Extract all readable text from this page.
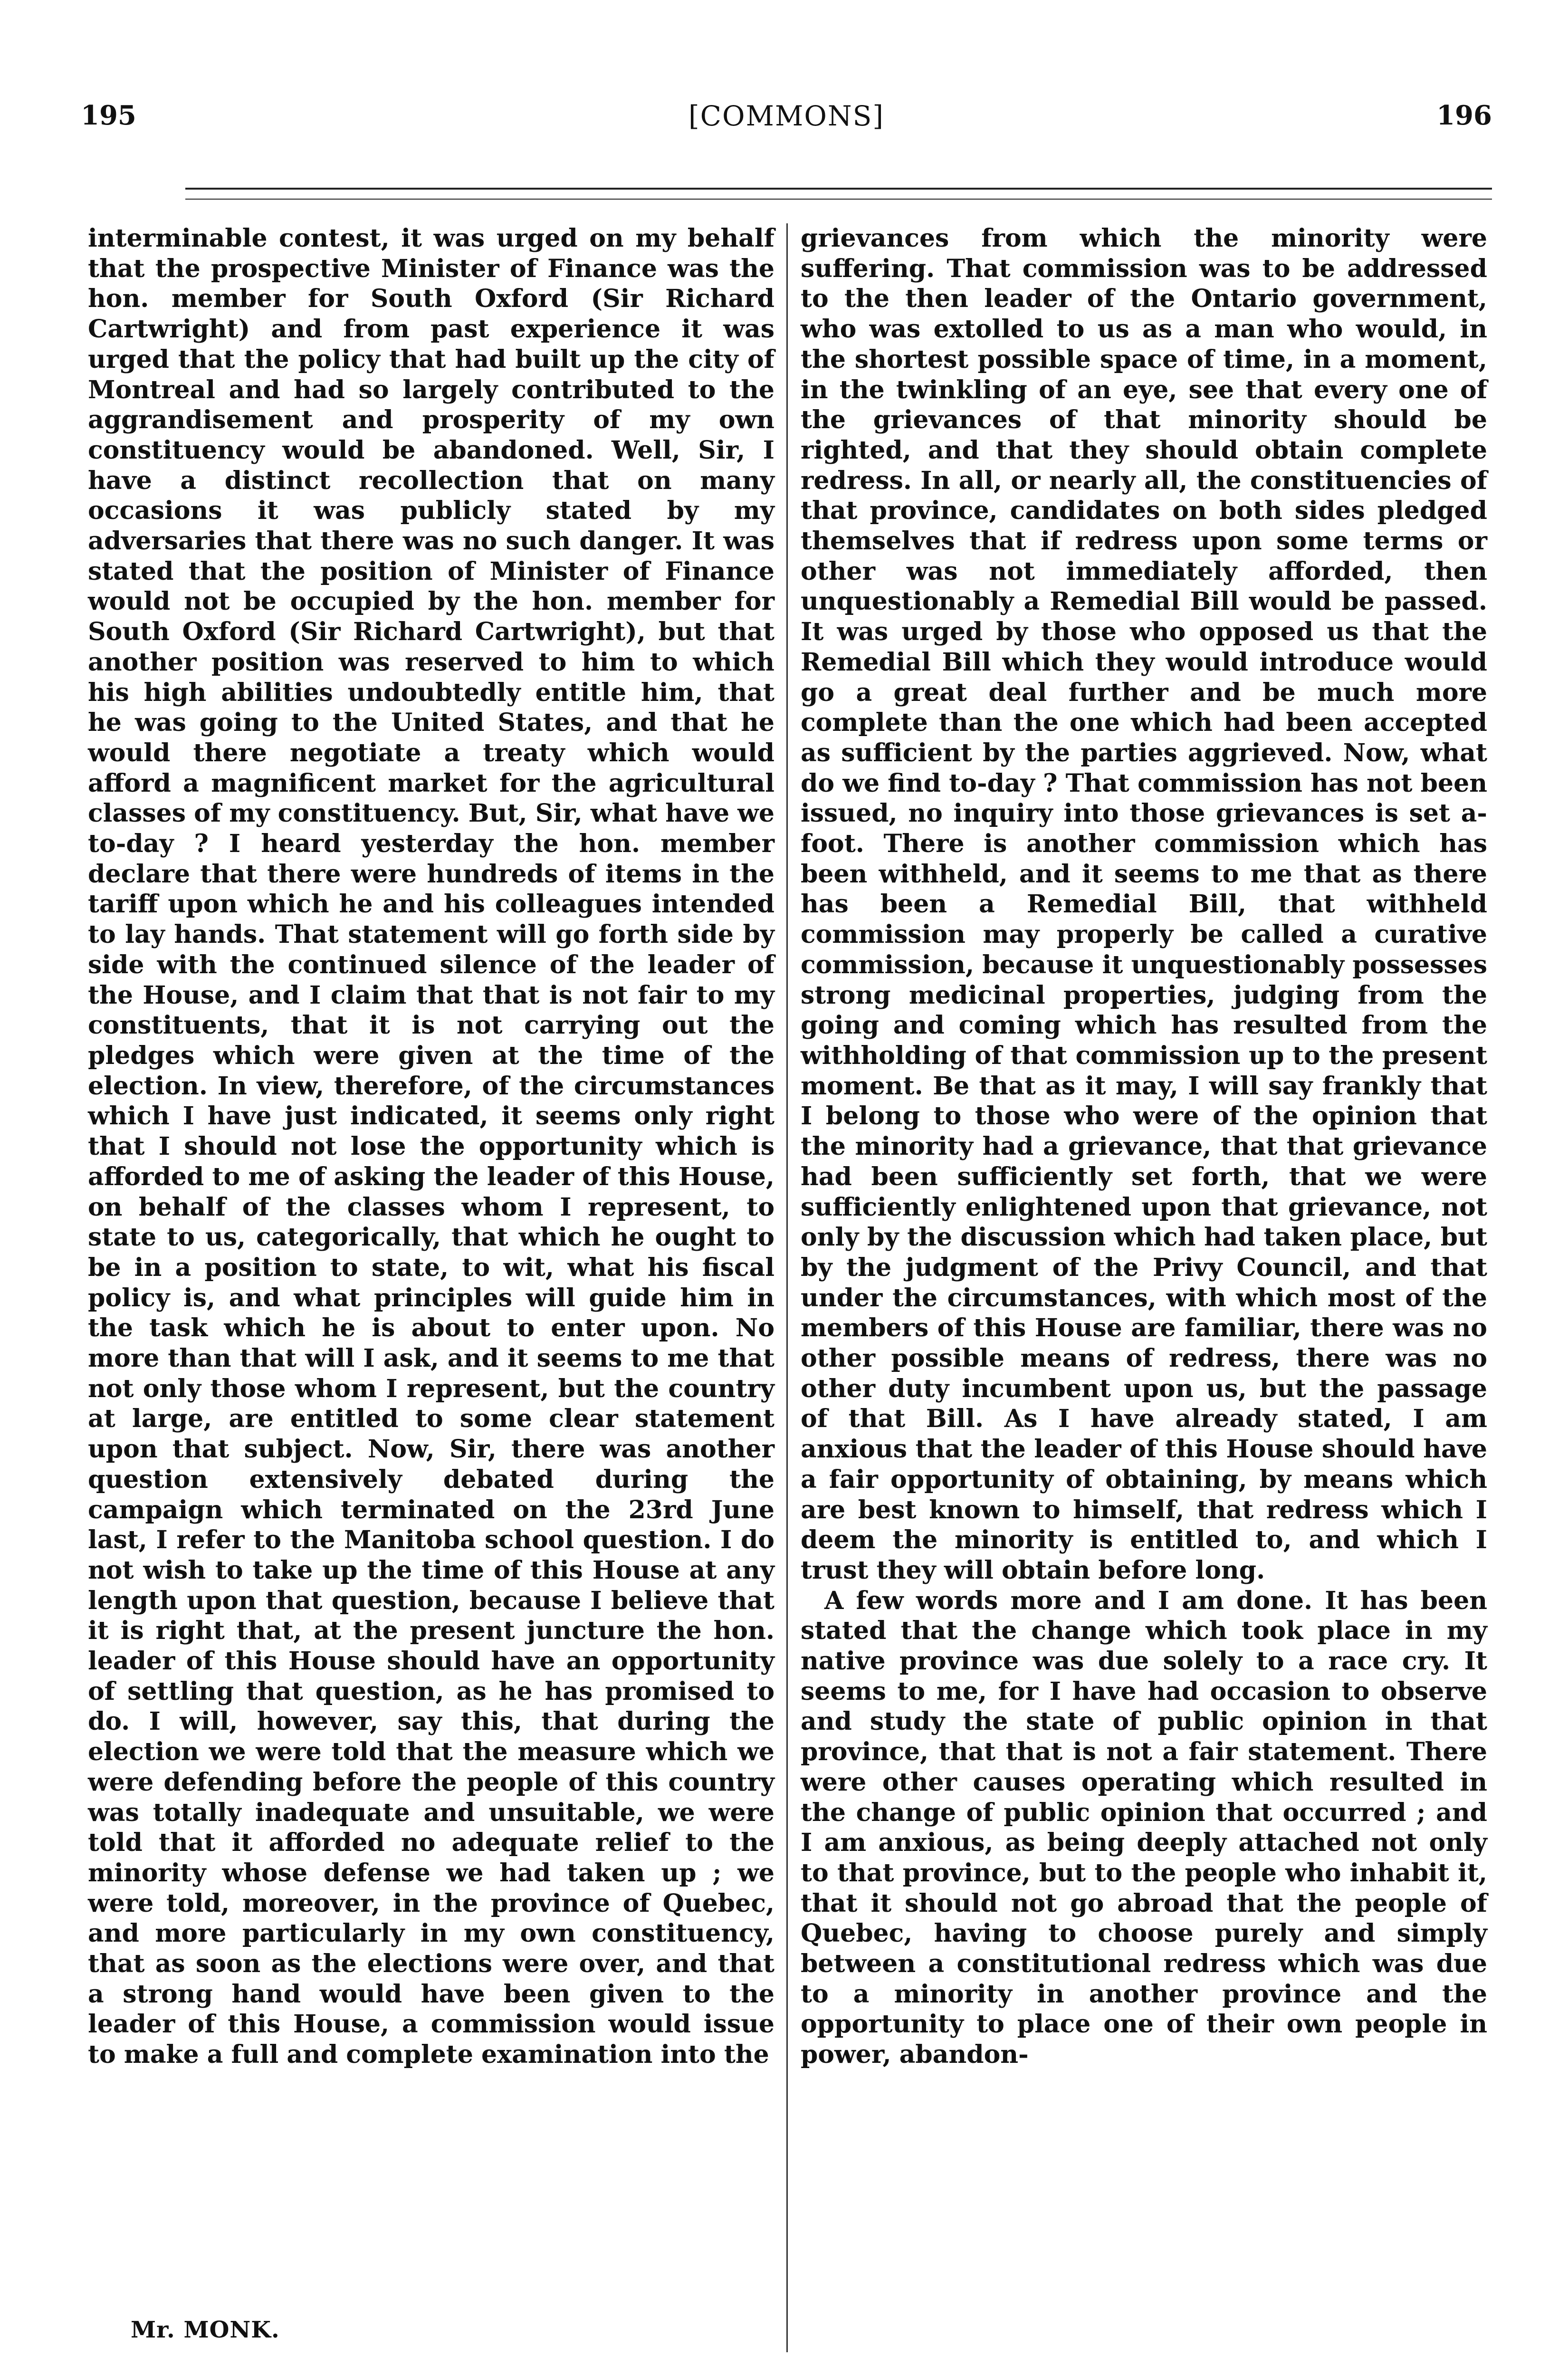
195	[COMMONS]	196

interminable contest, it was urged on my behalf that the prospective Minister of Finance was the hon. member for South Oxford (Sir Richard Cartwright) and from past experience it was urged that the policy that had built up the city of Montreal and had so largely contributed to the aggrandisement and prosperity of my own constituency would be abandoned. Well, Sir, I have a distinct recollection that on many occasions it was publicly stated by my adversaries that there was no such danger. It was stated that the position of Minister of Finance would not be occupied by the hon. member for South Oxford (Sir Richard Cartwright), but that another position was reserved to him to which his high abilities undoubtedly entitle him, that he was going to the United States, and that he would there negotiate a treaty which would afford a magnificent market for the agricultural classes of my constituency. But, Sir, what have we to-day ? I heard yesterday the hon. member declare that there were hundreds of items in the tariff upon which he and his colleagues intended to lay hands. That statement will go forth side by side with the continued silence of the leader of the House, and I claim that that is not fair to my constituents, that it is not carrying out the pledges which were given at the time of the election. In view, therefore, of the circumstances which I have just indicated, it seems only right that I should not lose the opportunity which is afforded to me of asking the leader of this House, on behalf of the classes whom I represent, to state to us, categorically, that which he ought to be in a position to state, to wit, what his fiscal policy is, and what principles will guide him in the task which he is about to enter upon. No more than that will I ask, and it seems to me that not only those whom I represent, but the country at large, are entitled to some clear statement upon that subject. Now, Sir, there was another question extensively debated during the campaign which terminated on the 23rd June last, I refer to the Manitoba school question. I do not wish to take up the time of this House at any length upon that question, because I believe that it is right that, at the present juncture the hon. leader of this House should have an opportunity of settling that question, as he has promised to do. I will, however, say this, that during the election we were told that the measure which we were defending before the people of this country was totally inadequate and unsuitable, we were told that it afforded no adequate relief to the minority whose defense we had taken up ; we were told, moreover, in the province of Quebec, and more particularly in my own constituency, that as soon as the elections were over, and that a strong hand would have been given to the leader of this House, a commission would issue to make a full and complete examination into the

grievances from which the minority were suffering. That commission was to be addressed to the then leader of the Ontario government, who was extolled to us as a man who would, in the shortest possible space of time, in a moment, in the twinkling of an eye, see that every one of the grievances of that minority should be righted, and that they should obtain complete redress. In all, or nearly all, the constituencies of that province, candidates on both sides pledged themselves that if redress upon some terms or other was not immediately afforded, then unquestionably a Remedial Bill would be passed. It was urged by those who opposed us that the Remedial Bill which they would introduce would go a great deal further and be much more complete than the one which had been accepted as sufficient by the parties aggrieved. Now, what do we find to-day ? That commission has not been issued, no inquiry into those grievances is set a-foot. There is another commission which has been withheld, and it seems to me that as there has been a Remedial Bill, that withheld commission may properly be called a curative commission, because it unquestionably possesses strong medicinal properties, judging from the going and coming which has resulted from the withholding of that commission up to the present moment. Be that as it may, I will say frankly that I belong to those who were of the opinion that the minority had a grievance, that that grievance had been sufficiently set forth, that we were sufficiently enlightened upon that grievance, not only by the discussion which had taken place, but by the judgment of the Privy Council, and that under the circumstances, with which most of the members of this House are familiar, there was no other possible means of redress, there was no other duty incumbent upon us, but the passage of that Bill. As I have already stated, I am anxious that the leader of this House should have a fair opportunity of obtaining, by means which are best known to himself, that redress which I deem the minority is entitled to, and which I trust they will obtain before long.

A few words more and I am done. It has been stated that the change which took place in my native province was due solely to a race cry. It seems to me, for I have had occasion to observe and study the state of public opinion in that province, that that is not a fair statement. There were other causes operating which resulted in the change of public opinion that occurred ; and I am anxious, as being deeply attached not only to that province, but to the people who inhabit it, that it should not go abroad that the people of Quebec, having to choose purely and simply between a constitutional redress which was due to a minority in another province and the opportunity to place one of their own people in power, abandon-

Mr. MONK.
